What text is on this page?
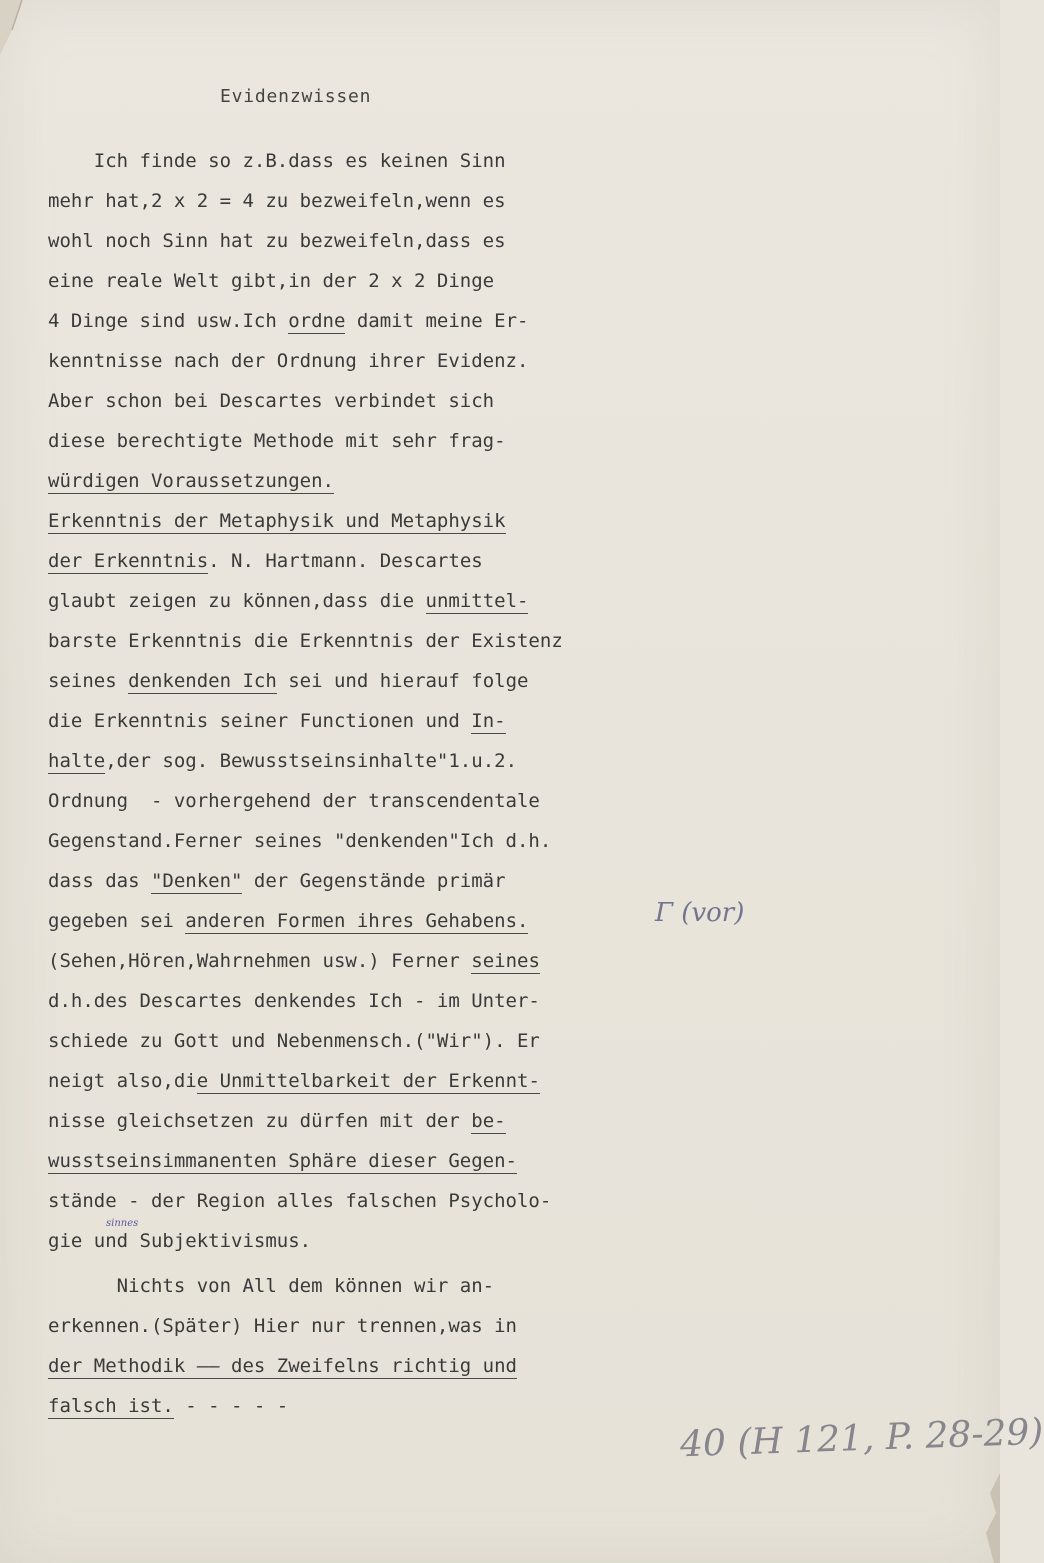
Evidenzwissen
Ich finde so z.B.dass es keinen Sinn
mehr hat,2 x 2 = 4 zu bezweifeln,wenn es
wohl noch Sinn hat zu bezweifeln,dass es
eine reale Welt gibt,in der 2 x 2 Dinge
4 Dinge sind usw.Ich ordne damit meine Er-
kenntnisse nach der Ordnung ihrer Evidenz.
Aber schon bei Descartes verbindet sich
diese berechtigte Methode mit sehr frag-
würdigen Voraussetzungen.
Erkenntnis der Metaphysik und Metaphysik
der Erkenntnis. N. Hartmann. Descartes
glaubt zeigen zu können,dass die unmittel-
barste Erkenntnis die Erkenntnis der Existenz
seines denkenden Ich sei und hierauf folge
die Erkenntnis seiner Functionen und In-
halte,der sog. Bewusstseinsinhalte"1.u.2.
Ordnung  - vorhergehend der transcendentale
Gegenstand.Ferner seines "denkenden"Ich d.h.
dass das "Denken" der Gegenstände primär
gegeben sei anderen Formen ihres Gehabens.
(Sehen,Hören,Wahrnehmen usw.) Ferner seines
d.h.des Descartes denkendes Ich - im Unter-
schiede zu Gott und Nebenmensch.("Wir"). Er
neigt also,die Unmittelbarkeit der Erkennt-
nisse gleichsetzen zu dürfen mit der be-
wusstseinsimmanenten Sphäre dieser Gegen-
stände - der Region alles falschen Psycholo-
gie und Subjektivismus.
Nichts von All dem können wir an-
erkennen.(Später) Hier nur trennen,was in
der Methodik —— des Zweifelns richtig und
falsch ist. - - - - -
Γ (vor)
sinnes
40 (H 121, P. 28-29)
